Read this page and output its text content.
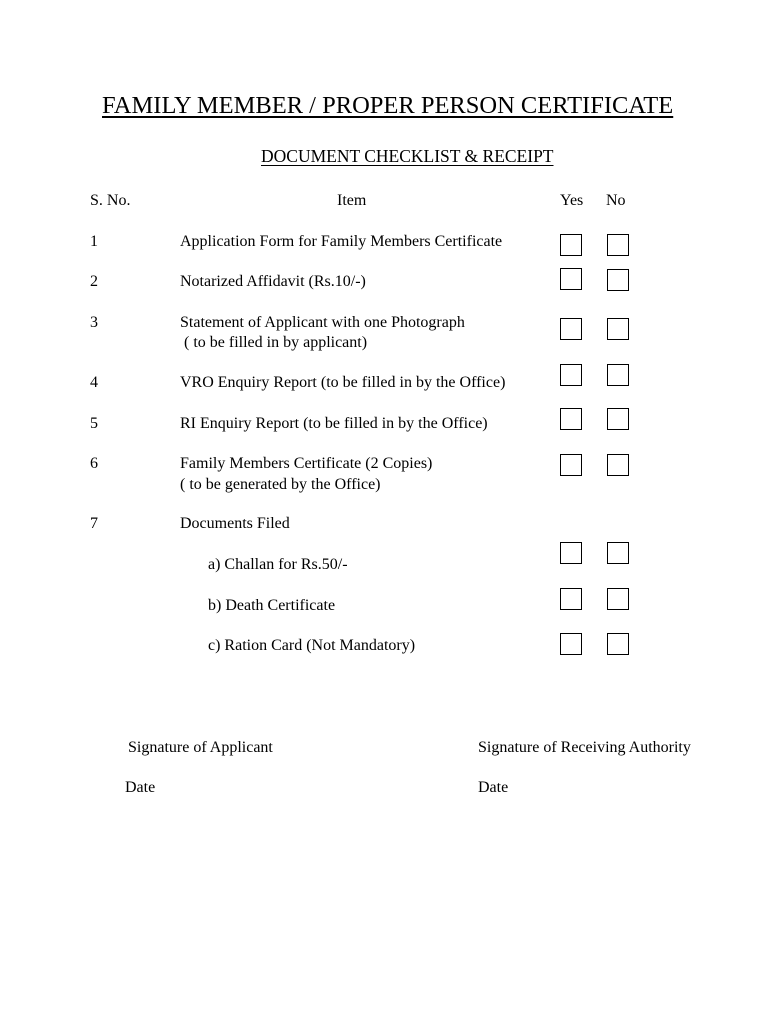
FAMILY MEMBER / PROPER PERSON CERTIFICATE
DOCUMENT CHECKLIST & RECEIPT
S. No.	Item	Yes No
1	Application Form for Family Members Certificate
2	Notarized Affidavit (Rs.10/-)
3	Statement of Applicant with one Photograph
( to be filled in by applicant)
4	VRO Enquiry Report (to be filled in by the Office)
5	RI Enquiry Report (to be filled in by the Office)
6	Family Members Certificate (2 Copies)
( to be generated by the Office)
7	Documents Filed
a) Challan for Rs.50/-
b) Death Certificate
c) Ration Card (Not Mandatory)
Signature of Applicant	Signature of Receiving Authority
Date	Date
